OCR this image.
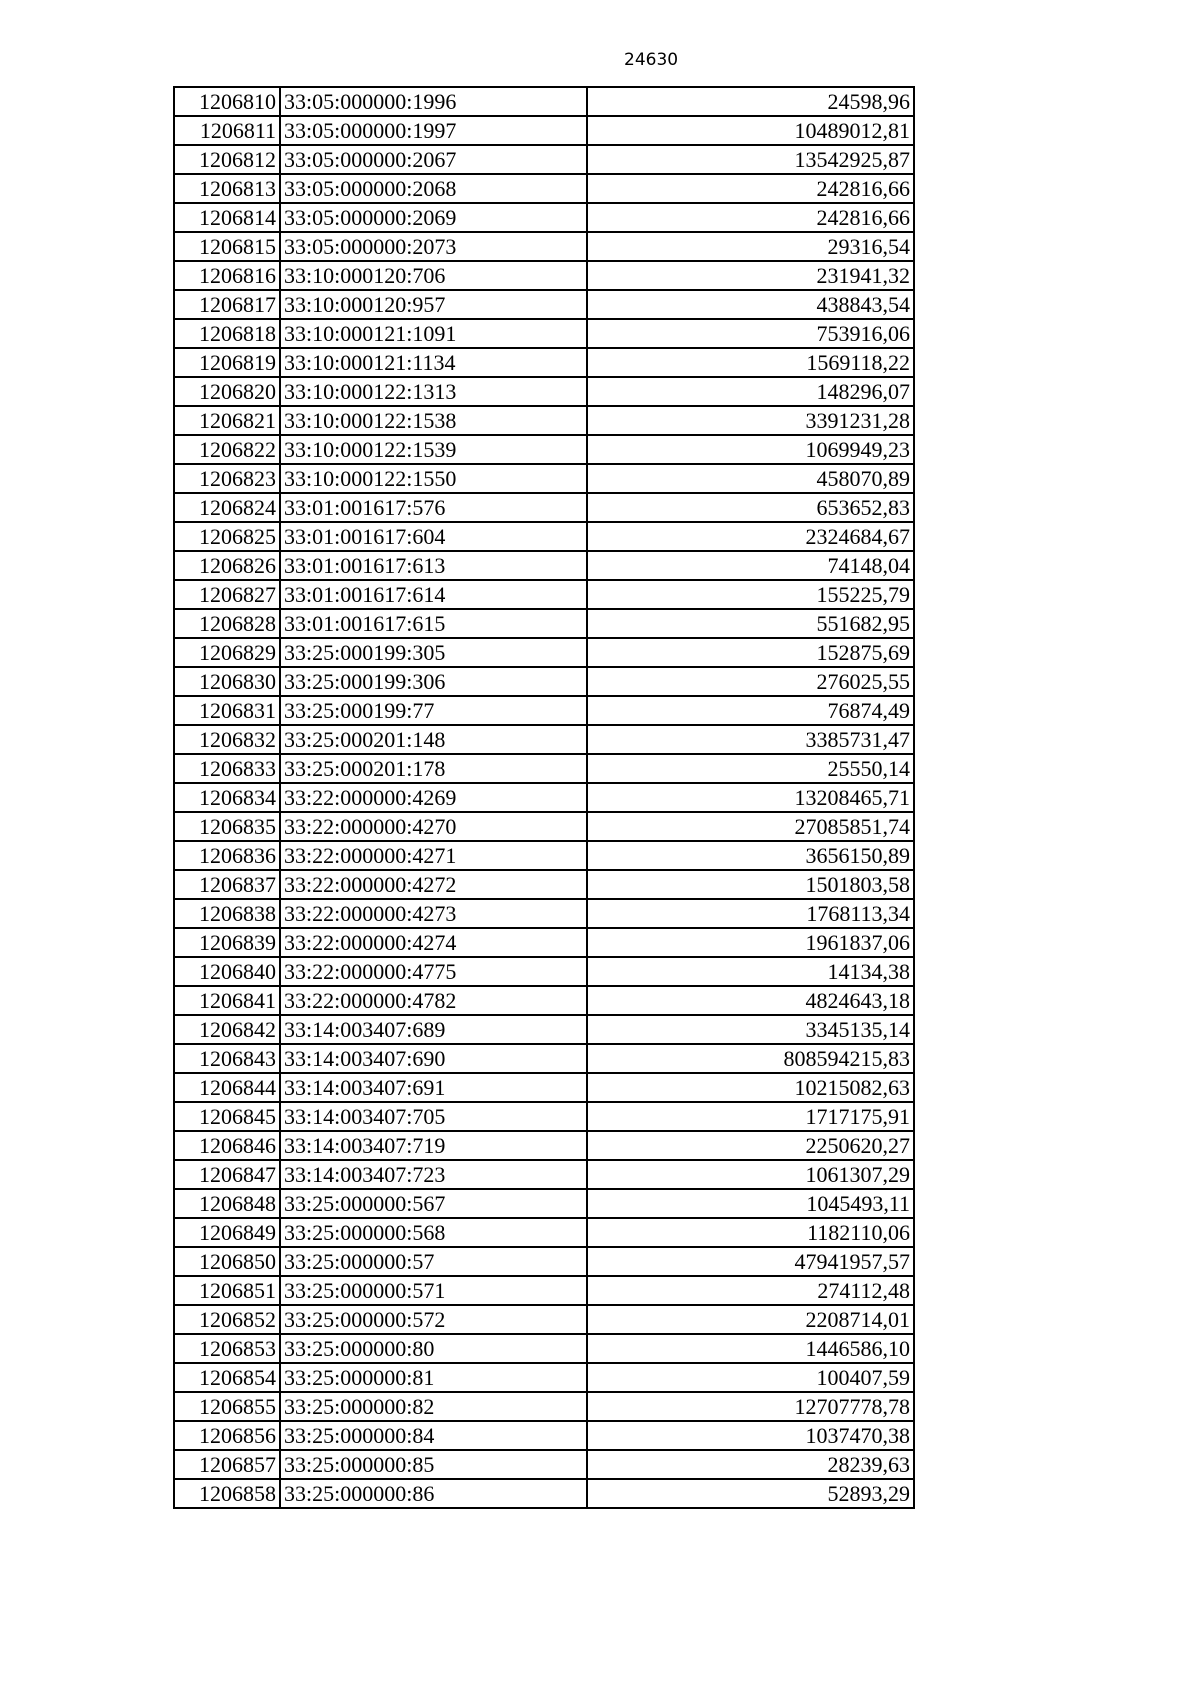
24630
1206810	33:05:000000:1996	24598,96
1206811	33:05:000000:1997	10489012,81
1206812	33:05:000000:2067	13542925,87
1206813	33:05:000000:2068	242816,66
1206814	33:05:000000:2069	242816,66
1206815	33:05:000000:2073	29316,54
1206816	33:10:000120:706	231941,32
1206817	33:10:000120:957	438843,54
1206818	33:10:000121:1091	753916,06
1206819	33:10:000121:1134	1569118,22
1206820	33:10:000122:1313	148296,07
1206821	33:10:000122:1538	3391231,28
1206822	33:10:000122:1539	1069949,23
1206823	33:10:000122:1550	458070,89
1206824	33:01:001617:576	653652,83
1206825	33:01:001617:604	2324684,67
1206826	33:01:001617:613	74148,04
1206827	33:01:001617:614	155225,79
1206828	33:01:001617:615	551682,95
1206829	33:25:000199:305	152875,69
1206830	33:25:000199:306	276025,55
1206831	33:25:000199:77	76874,49
1206832	33:25:000201:148	3385731,47
1206833	33:25:000201:178	25550,14
1206834	33:22:000000:4269	13208465,71
1206835	33:22:000000:4270	27085851,74
1206836	33:22:000000:4271	3656150,89
1206837	33:22:000000:4272	1501803,58
1206838	33:22:000000:4273	1768113,34
1206839	33:22:000000:4274	1961837,06
1206840	33:22:000000:4775	14134,38
1206841	33:22:000000:4782	4824643,18
1206842	33:14:003407:689	3345135,14
1206843	33:14:003407:690	808594215,83
1206844	33:14:003407:691	10215082,63
1206845	33:14:003407:705	1717175,91
1206846	33:14:003407:719	2250620,27
1206847	33:14:003407:723	1061307,29
1206848	33:25:000000:567	1045493,11
1206849	33:25:000000:568	1182110,06
1206850	33:25:000000:57	47941957,57
1206851	33:25:000000:571	274112,48
1206852	33:25:000000:572	2208714,01
1206853	33:25:000000:80	1446586,10
1206854	33:25:000000:81	100407,59
1206855	33:25:000000:82	12707778,78
1206856	33:25:000000:84	1037470,38
1206857	33:25:000000:85	28239,63
1206858	33:25:000000:86	52893,29
